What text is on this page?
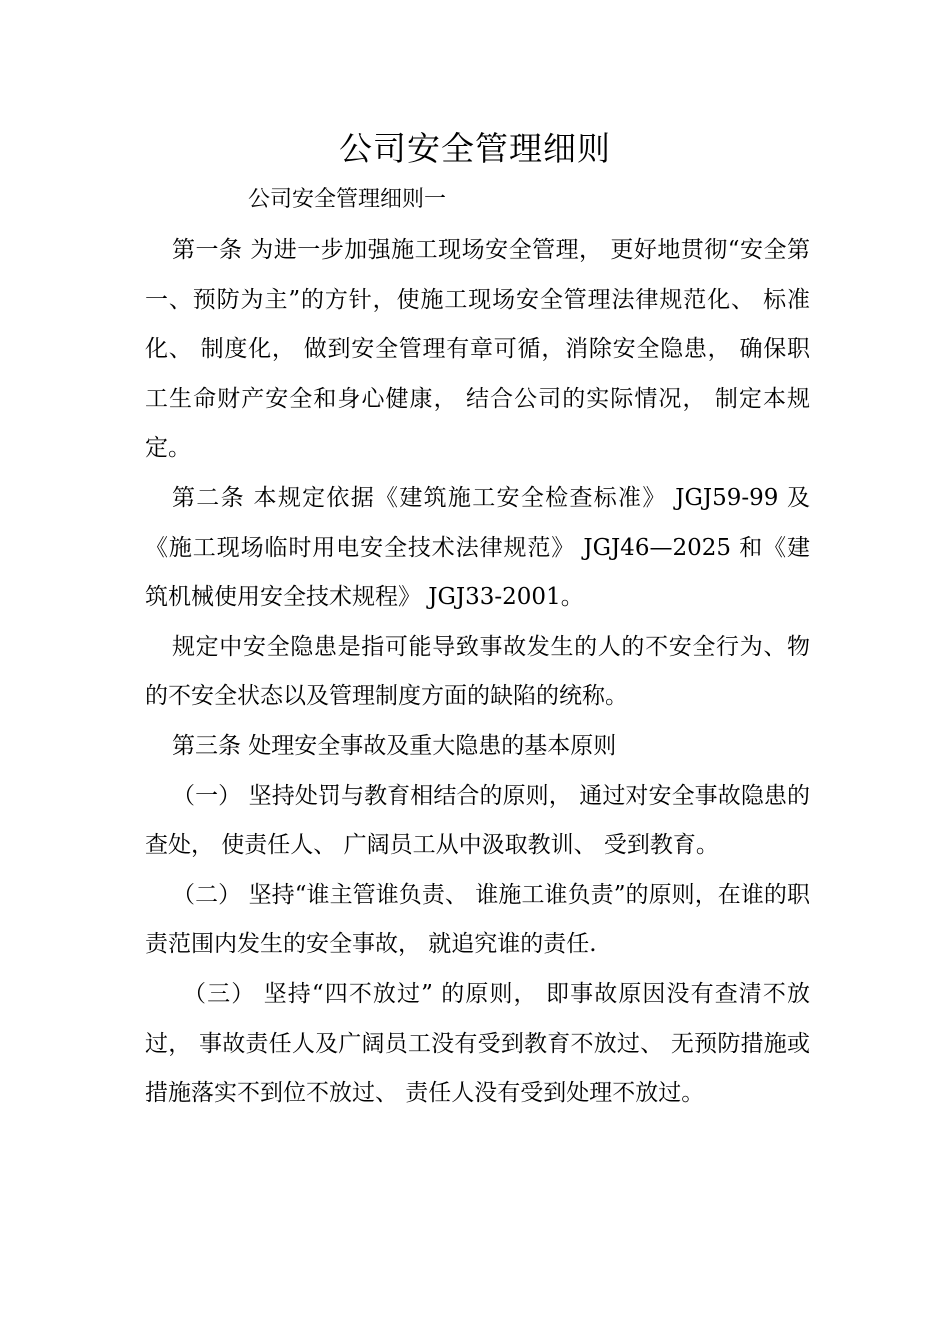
公司安全管理细则
公司安全管理细则一

第一条 为进一步加强施工现场安全管理， 更好地贯彻“安全第一、预防为主”的方针，使施工现场安全管理法律规范化、 标准化、 制度化， 做到安全管理有章可循，消除安全隐患， 确保职工生命财产安全和身心健康， 结合公司的实际情况， 制定本规定。

第二条 本规定依据《建筑施工安全检查标准》 JGJ59-99 及《施工现场临时用电安全技术法律规范》 JGJ46—2025 和《建筑机械使用安全技术规程》 JGJ33-2001。

规定中安全隐患是指可能导致事故发生的人的不安全行为、物的不安全状态以及管理制度方面的缺陷的统称。

第三条 处理安全事故及重大隐患的基本原则

（一） 坚持处罚与教育相结合的原则， 通过对安全事故隐患的查处， 使责任人、 广阔员工从中汲取教训、 受到教育。

（二） 坚持“谁主管谁负责、 谁施工谁负责”的原则，在谁的职责范围内发生的安全事故， 就追究谁的责任.

（三） 坚持“四不放过” 的原则， 即事故原因没有查清不放过， 事故责任人及广阔员工没有受到教育不放过、 无预防措施或措施落实不到位不放过、 责任人没有受到处理不放过。
